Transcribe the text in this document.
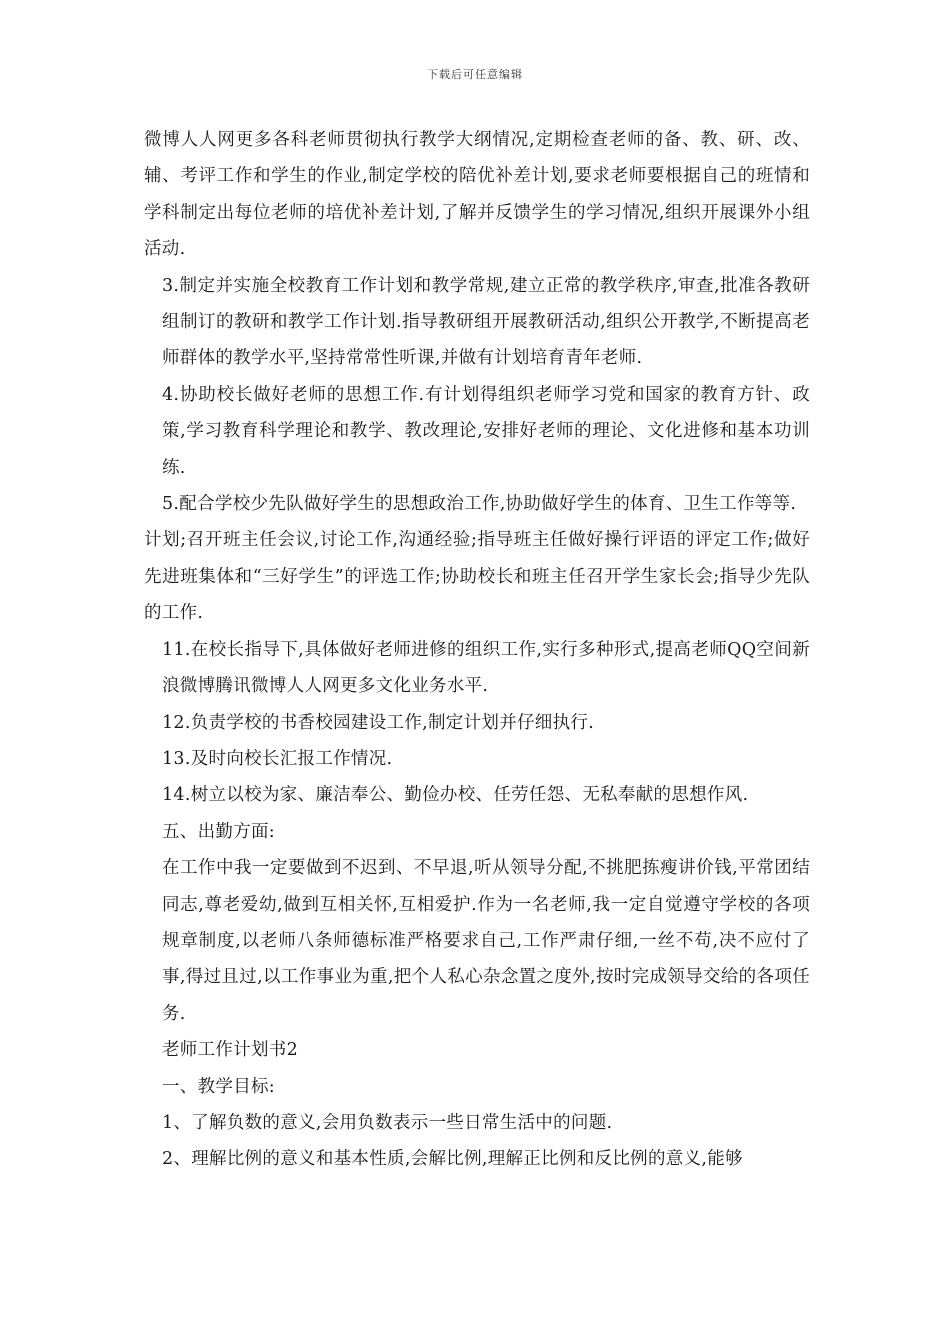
下载后可任意编辑

微博人人网更多各科老师贯彻执行教学大纲情况,定期检查老师的备、教、研、改、辅、考评工作和学生的作业,制定学校的陪优补差计划,要求老师要根据自己的班情和学科制定出每位老师的培优补差计划,了解并反馈学生的学习情况,组织开展课外小组活动.

3.制定并实施全校教育工作计划和教学常规,建立正常的教学秩序,审查,批准各教研组制订的教研和教学工作计划.指导教研组开展教研活动,组织公开教学,不断提高老师群体的教学水平,坚持常常性听课,并做有计划培育青年老师.

4.协助校长做好老师的思想工作.有计划得组织老师学习党和国家的教育方针、政策,学习教育科学理论和教学、教改理论,安排好老师的理论、文化进修和基本功训练.

5.配合学校少先队做好学生的思想政治工作,协助做好学生的体育、卫生工作等等.

计划;召开班主任会议,讨论工作,沟通经验;指导班主任做好操行评语的评定工作;做好先进班集体和“三好学生”的评选工作;协助校长和班主任召开学生家长会;指导少先队的工作.

11.在校长指导下,具体做好老师进修的组织工作,实行多种形式,提高老师QQ空间新浪微博腾讯微博人人网更多文化业务水平.

12.负责学校的书香校园建设工作,制定计划并仔细执行.

13.及时向校长汇报工作情况.

14.树立以校为家、廉洁奉公、勤俭办校、任劳任怨、无私奉献的思想作风.

五、出勤方面:

在工作中我一定要做到不迟到、不早退,听从领导分配,不挑肥拣瘦讲价钱,平常团结同志,尊老爱幼,做到互相关怀,互相爱护.作为一名老师,我一定自觉遵守学校的各项规章制度,以老师八条师德标准严格要求自己,工作严肃仔细,一丝不苟,决不应付了事,得过且过,以工作事业为重,把个人私心杂念置之度外,按时完成领导交给的各项任务.

老师工作计划书2

一、教学目标:

1、了解负数的意义,会用负数表示一些日常生活中的问题.

2、理解比例的意义和基本性质,会解比例,理解正比例和反比例的意义,能够
